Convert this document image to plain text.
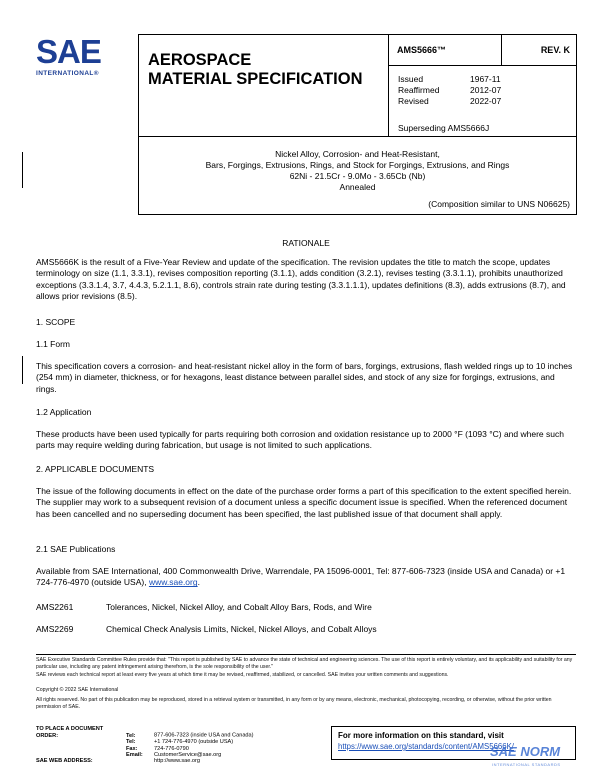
SAE
INTERNATIONAL®
AEROSPACE
MATERIAL SPECIFICATION
AMS5666™	REV. K
Issued	1967-11
Reaffirmed	2012-07
Revised	2022-07
Superseding AMS5666J
Nickel Alloy, Corrosion- and Heat-Resistant,
Bars, Forgings, Extrusions, Rings, and Stock for Forgings, Extrusions, and Rings
62Ni - 21.5Cr - 9.0Mo - 3.65Cb (Nb)
Annealed
(Composition similar to UNS N06625)
RATIONALE
AMS5666K is the result of a Five-Year Review and update of the specification. The revision updates the title to match the scope, updates terminology on size (1.1, 3.3.1), revises composition reporting (3.1.1), adds condition (3.2.1), revises testing (3.3.1.1), prohibits unauthorized exceptions (3.3.1.4, 3.7, 4.4.3, 5.2.1.1, 8.6), controls strain rate during testing (3.3.1.1.1), updates definitions (8.3), adds extrusions (8.7), and allows prior revisions (8.5).
1. SCOPE
1.1 Form
This specification covers a corrosion- and heat-resistant nickel alloy in the form of bars, forgings, extrusions, flash welded rings up to 10 inches (254 mm) in diameter, thickness, or for hexagons, least distance between parallel sides, and stock of any size for forgings, extrusions, and rings.
1.2 Application
These products have been used typically for parts requiring both corrosion and oxidation resistance up to 2000 °F (1093 °C) and where such parts may require welding during fabrication, but usage is not limited to such applications.
2. APPLICABLE DOCUMENTS
The issue of the following documents in effect on the date of the purchase order forms a part of this specification to the extent specified herein. The supplier may work to a subsequent revision of a document unless a specific document issue is specified. When the referenced document has been cancelled and no superseding document has been specified, the last published issue of that document shall apply.
2.1 SAE Publications
Available from SAE International, 400 Commonwealth Drive, Warrendale, PA 15096-0001, Tel: 877-606-7323 (inside USA and Canada) or +1 724-776-4970 (outside USA), www.sae.org.
AMS2261	Tolerances, Nickel, Nickel Alloy, and Cobalt Alloy Bars, Rods, and Wire
AMS2269	Chemical Check Analysis Limits, Nickel, Nickel Alloys, and Cobalt Alloys
SAE Executive Standards Committee Rules provide that: "This report is published by SAE to advance the state of technical and engineering sciences. The use of this report is entirely voluntary, and its applicability and suitability for any particular use, including any patent infringement arising therefrom, is the sole responsibility of the user."
SAE reviews each technical report at least every five years at which time it may be revised, reaffirmed, stabilized, or cancelled. SAE invites your written comments and suggestions.
Copyright © 2022 SAE International
All rights reserved. No part of this publication may be reproduced, stored in a retrieval system or transmitted, in any form or by any means, electronic, mechanical, photocopying, recording, or otherwise, without the prior written permission of SAE.
TO PLACE A DOCUMENT ORDER:	Tel:	877-606-7323 (inside USA and Canada)
Tel:	+1 724-776-4970 (outside USA)
Fax:	724-776-0790
Email: CustomerService@sae.org
SAE WEB ADDRESS:	http://www.sae.org
For more information on this standard, visit
https://www.sae.org/standards/content/AMS5666K/
SAE NORM
INTERNATIONAL STANDARDS
